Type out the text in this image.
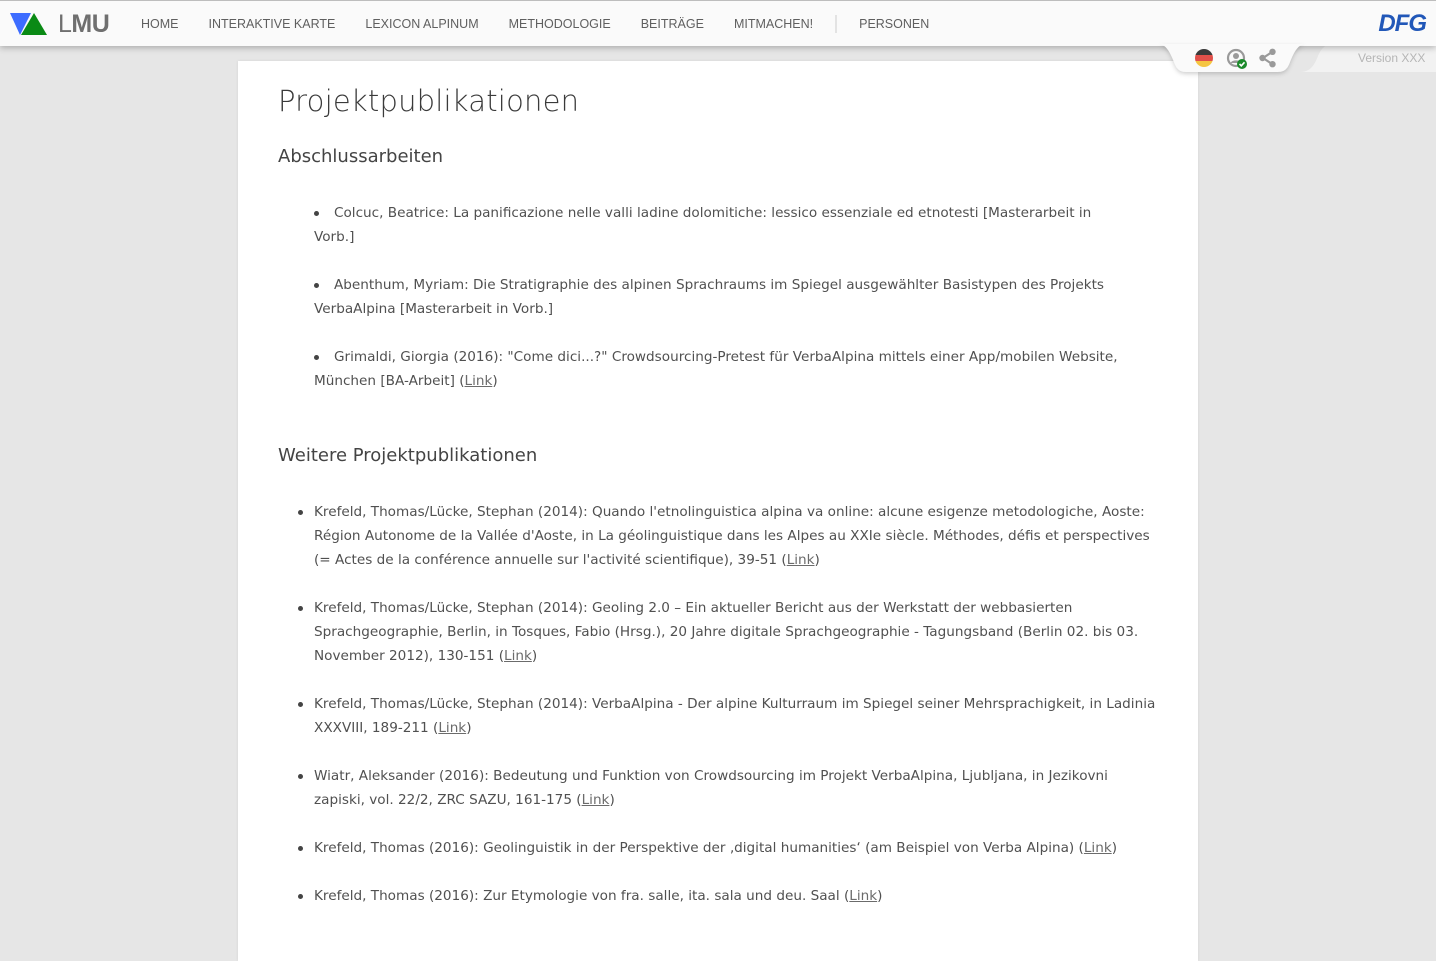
L MU	HOME	INTERAKTIVE KARTE	LEXICON ALPINUM	METHODOLOGIE	BEITRÄGE	MITMACHEN!	PERSONEN	DFG
Version XXX
Projektpublikationen
Abschlussarbeiten
Colcuc, Beatrice: La panificazione nelle valli ladine dolomitiche: lessico essenziale ed etnotesti [Masterarbeit in Vorb.]
Abenthum, Myriam: Die Stratigraphie des alpinen Sprachraums im Spiegel ausgewählter Basistypen des Projekts VerbaAlpina [Masterarbeit in Vorb.]
Grimaldi, Giorgia (2016): "Come dici...?" Crowdsourcing-Pretest für VerbaAlpina mittels einer App/mobilen Website, München [BA-Arbeit] (Link)
Weitere Projektpublikationen
Krefeld, Thomas/Lücke, Stephan (2014): Quando l'etnolinguistica alpina va online: alcune esigenze metodologiche, Aoste: Région Autonome de la Vallée d'Aoste, in La géolinguistique dans les Alpes au XXIe siècle. Méthodes, défis et perspectives (= Actes de la conférence annuelle sur l'activité scientifique), 39-51 (Link)
Krefeld, Thomas/Lücke, Stephan (2014): Geoling 2.0 – Ein aktueller Bericht aus der Werkstatt der webbasierten Sprachgeographie, Berlin, in Tosques, Fabio (Hrsg.), 20 Jahre digitale Sprachgeographie - Tagungsband (Berlin 02. bis 03. November 2012), 130-151 (Link)
Krefeld, Thomas/Lücke, Stephan (2014): VerbaAlpina - Der alpine Kulturraum im Spiegel seiner Mehrsprachigkeit, in Ladinia XXXVIII, 189-211 (Link)
Wiatr, Aleksander (2016): Bedeutung und Funktion von Crowdsourcing im Projekt VerbaAlpina, Ljubljana, in Jezikovni zapiski, vol. 22/2, ZRC SAZU, 161-175 (Link)
Krefeld, Thomas (2016): Geolinguistik in der Perspektive der ‚digital humanities‘ (am Beispiel von Verba Alpina) (Link)
Krefeld, Thomas (2016): Zur Etymologie von fra. salle, ita. sala und deu. Saal (Link)
